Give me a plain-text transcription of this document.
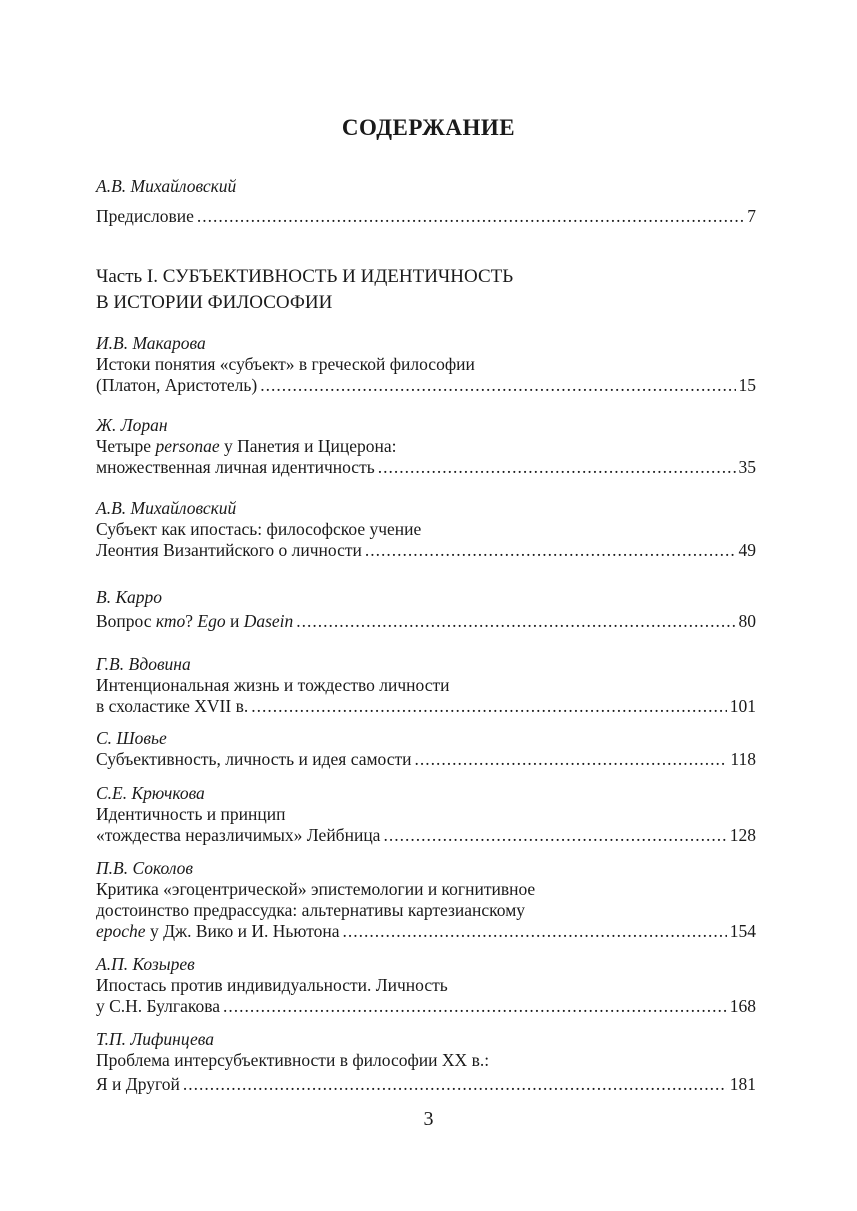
СОДЕРЖАНИЕ
А.В. Михайловский
Предисловие .....	7
Часть I. СУБЪЕКТИВНОСТЬ И ИДЕНТИЧНОСТЬ
В ИСТОРИИ ФИЛОСОФИИ
И.В. Макарова
Истоки понятия «субъект» в греческой философии
(Платон, Аристотель) .....	15
Ж. Лоран
Четыре personae у Панетия и Цицерона:
множественная личная идентичность .....	35
А.В. Михайловский
Субъект как ипостась: философское учение
Леонтия Византийского о личности .....	49
В. Карро
Вопрос кто? Ego и Dasein .....	80
Г.В. Вдовина
Интенциональная жизнь и тождество личности
в схоластике XVII в. .....	101
С. Шовье
Субъективность, личность и идея самости .....	118
С.Е. Крючкова
Идентичность и принцип
«тождества неразличимых» Лейбница .....	128
П.В. Соколов
Критика «эгоцентрической» эпистемологии и когнитивное
достоинство предрассудка: альтернативы картезианскому
epoche у Дж. Вико и И. Ньютона .....	154
А.П. Козырев
Ипостась против индивидуальности. Личность
у С.Н. Булгакова .....	168
Т.П. Лифинцева
Проблема интерсубъективности в философии XX в.:
Я и Другой .....	181
3
